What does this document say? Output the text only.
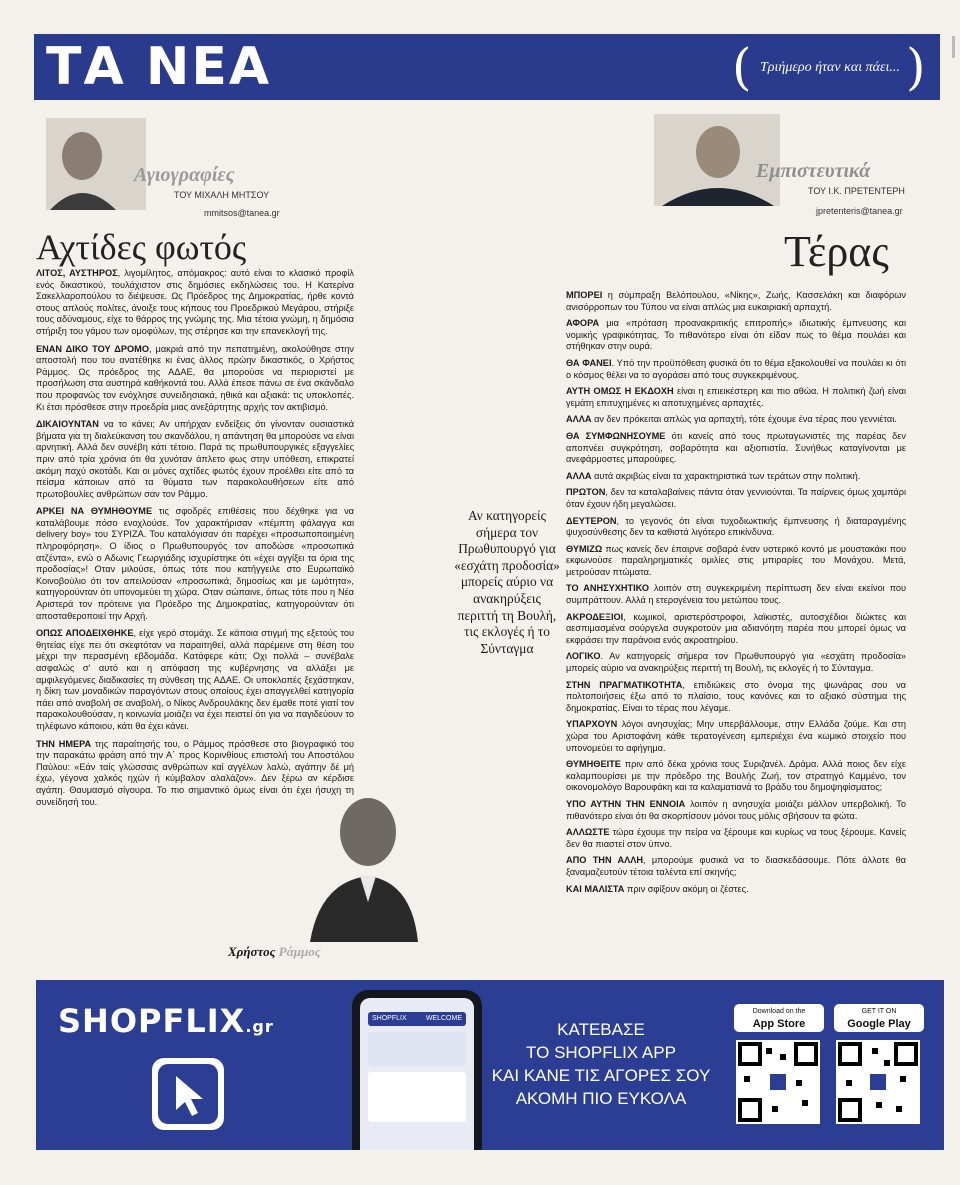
ΤΑ ΝΕΑ	( Τριήμερο ήταν και πάει... )
Αγιογραφίες
ΤΟΥ ΜΙΧΑΛΗ ΜΗΤΣΟΥ
mmitsos@tanea.gr
Αχτίδες φωτός

ΛΙΤΟΣ, ΑΥΣΤΗΡΟΣ, λιγομίλητος, απόμακρος: αυτό είναι το κλασικό προφίλ ενός δικαστικού, τουλάχιστον στις δημόσιες εκδηλώσεις του. Η Κατερίνα Σακελλαροπούλου το διέψευσε. Ως Πρόεδρος της Δημοκρατίας, ήρθε κοντά στους απλούς πολίτες, άνοιξε τους κήπους του Προεδρικού Μεγάρου, στήριξε τους αδύναμους, είχε το θάρρος της γνώμης της. Μια τέτοια γνώμη, η δημόσια στήριξη του γάμου των ομοφύλων, της στέρησε και την επανεκλογή της.

ΕΝΑΝ ΔΙΚΟ ΤΟΥ ΔΡΟΜΟ, μακριά από την πεπατημένη, ακολούθησε στην αποστολή που του ανατέθηκε κι ένας άλλος πρώην δικαστικός, ο Χρήστος Ράμμος. Ως πρόεδρος της ΑΔΑΕ, θα μπορούσε να περιοριστεί με προσήλωση στα αυστηρά καθήκοντά του. Αλλά έπεσε πάνω σε ένα σκάνδαλο που προφανώς τον ενόχλησε συνειδησιακά, ηθικά και αξιακά: τις υποκλοπές. Κι έτσι πρόσθεσε στην προεδρία μιας ανεξάρτητης αρχής τον ακτιβισμό.

ΔΙΚΑΙΟΥΝΤΑΝ να το κάνει; Αν υπήρχαν ενδείξεις ότι γίνονταν ουσιαστικά βήματα για τη διαλεύκανση του σκανδάλου, η απάντηση θα μπορούσε να είναι αρνητική. Αλλά δεν συνέβη κάτι τέτοιο. Παρά τις πρωθυπουργικές εξαγγελίες πριν από τρία χρόνια ότι θα χυνόταν άπλετο φως στην υπόθεση, επικρατεί ακόμη παχύ σκοτάδι. Και οι μόνες αχτίδες φωτός έχουν προέλθει είτε από τα πείσμα κάποιων από τα θύματα των παρακολουθήσεων είτε από πρωτοβουλίες ανθρώπων σαν τον Ράμμο.

ΑΡΚΕΙ ΝΑ ΘΥΜΗΘΟΥΜΕ τις σφοδρές επιθέσεις που δέχθηκε για να καταλάβουμε πόσο ενοχλούσε. Τον χαρακτήρισαν «πέμπτη φάλαγγα και delivery boy» του ΣΥΡΙΖΑ. Του καταλόγισαν ότι παρέχει «προσωποποιημένη πληροφόρηση». Ο ίδιος ο Πρωθυπουργός τον αποδώσε «προσωπικά ατζέντα», ενώ ο Αδωνις Γεωργιάδης ισχυρίστηκε ότι «έχει αγγίξει τα όρια της προδοσίας»! Οταν μιλούσε, όπως τότε που κατήγγειλε στο Ευρωπαϊκό Κοινοβούλιο ότι τον απειλούσαν «προσωπικά, δημοσίως και με ωμότητα», κατηγορούνταν ότι υπονομεύει τη χώρα. Οταν σώπαινε, όπως τότε που η Νέα Αριστερά τον πρότεινε για Πρόεδρο της Δημοκρατίας, κατηγορούνταν ότι αποσταθεροποιεί την Αρχή.

ΟΠΩΣ ΑΠΟΔΕΙΧΘΗΚΕ, είχε γερό στομάχι. Σε κάποια στιγμή της εξετούς του θητείας είχε πει ότι σκεφτόταν να παραιτηθεί, αλλά παρέμεινε στη θέση του μέχρι την περασμένη εβδομάδα. Κατάφερε κάτι; Οχι πολλά – συνέβαλε ασφαλώς σ' αυτό και η απόφαση της κυβέρνησης να αλλάξει με αμφιλεγόμενες διαδικασίες τη σύνθεση της ΑΔΑΕ. Οι υποκλοπές ξεχάστηκαν, η δίκη των μοναδικών παραγόντων στους οποίους έχει απαγγελθεί κατηγορία πάει από αναβολή σε αναβολή, ο Νίκος Ανδρουλάκης δεν έμαθε ποτέ γιατί τον παρακολουθούσαν, η κοινωνία μοιάζει να έχει πειστεί ότι για να παγιδεύουν το τηλέφωνο κάποιου, κάτι θα έχει κάνει.

ΤΗΝ ΗΜΕΡΑ της παραίτησής του, ο Ράμμος πρόσθεσε στο βιογραφικό του την παρακάτω φράση από την Α΄ προς Κορινθίους επιστολή του Αποστόλου Παύλου: «Εάν ταίς γλώσσαις ανθρώπων καί αγγέλων λαλώ, αγάπην δέ μή έχω, γέγονα χαλκός ηχών ή κύμβαλον αλαλάζον». Δεν ξέρω αν κέρδισε αγάπη. Θαυμασμό σίγουρα. Το πιο σημαντικό όμως είναι ότι έχει ήσυχη τη συνείδησή του.

Χρήστος Ράμμος
Αν κατηγορείς σήμερα τον Πρωθυπουργό για «εσχάτη προδοσία» μπορείς αύριο να ανακηρύξεις περιττή τη Βουλή, τις εκλογές ή το Σύνταγμα
Εμπιστευτικά
ΤΟΥ Ι.Κ. ΠΡΕΤΕΝΤΕΡΗ
jpretenteris@tanea.gr
Τέρας

ΜΠΟΡΕΙ η σύμπραξη Βελόπουλου, «Νίκης», Ζωής, Κασσελάκη και διαφόρων ανισόρροπων του Τύπου να είναι απλώς μια ευκαιριακή αρπαχτή.

ΑΦΟΡΑ μια «πρόταση προανακριτικής επιτροπής» ιδιωτικής έμπνευσης και νομικής γραφικότητας. Το πιθανότερο είναι ότι είδαν πως το θέμα πουλάει και στήθηκαν στην ουρά.

ΘΑ ΦΑΝΕΙ. Υπό την προϋπόθεση φυσικά ότι το θέμα εξακολουθεί να πουλάει κι ότι ο κόσμος θέλει να το αγοράσει από τους συγκεκριμένους.

ΑΥΤΗ ΟΜΩΣ Η ΕΚΔΟΧΗ είναι η επιεικέστερη και πιο αθώα. Η πολιτική ζωή είναι γεμάτη επιτυχημένες κι αποτυχημένες αρπαχτές.

ΑΛΛΑ αν δεν πρόκειται απλώς για αρπαχτή, τότε έχουμε ένα τέρας που γεννιέται.

ΘΑ ΣΥΜΦΩΝΗΣΟΥΜΕ ότι κανείς από τους πρωταγωνιστές της παρέας δεν αποπνέει συγκρότηση, σοβαρότητα και αξιοπιστία. Συνήθως καταγίνονται με ανεφάρμοστες μπαρούφες.

ΑΛΛΑ αυτά ακριβώς είναι τα χαρακτηριστικά των τεράτων στην πολιτική.

ΠΡΩΤΟΝ, δεν τα καταλαβαίνεις πάντα όταν γεννιούνται. Τα παίρνεις όμως χαμπάρι όταν έχουν ήδη μεγαλώσει.

ΔΕΥΤΕΡΟΝ, το γεγονός ότι είναι τυχοδιωκτικής έμπνευσης ή διαταραγμένης ψυχοσύνθεσης δεν τα καθιστά λιγότερο επικίνδυνα.

ΘΥΜΙΖΩ πως κανείς δεν έπαιρνε σοβαρά έναν υστερικό κοντό με μουστακάκι που εκφωνούσε παραληρηματικές ομιλίες στις μπιραρίες του Μονάχου. Μετά, μετρούσαν πτώματα.

ΤΟ ΑΝΗΣΥΧΗΤΙΚΟ λοιπόν στη συγκεκριμένη περίπτωση δεν είναι εκείνοι που συμπράττουν. Αλλά η ετερογένεια του μετώπου τους.

ΑΚΡΟΔΕΞΙΟΙ, κωμικοί, αριστερόστροφοι, λαϊκιστές, αυτοσχέδιοι διώκτες και αεσπιμασμένα σούργελα συγκροτούν μια αδιανόητη παρέα που μπορεί όμως να εκφράσει την παράνοια ενός ακροατηρίου.

ΛΟΓΙΚΟ. Αν κατηγορείς σήμερα τον Πρωθυπουργό για «εσχάτη προδοσία» μπορείς αύριο να ανακηρύξεις περιττή τη Βουλή, τις εκλογές ή το Σύνταγμα.

ΣΤΗΝ ΠΡΑΓΜΑΤΙΚΟΤΗΤΑ, επιδιώκεις στο όνομα της ψωνάρας σου να πολτοποιήσεις έξω από το πλαίσιο, τους κανόνες και το αξιακό σύστημα της δημοκρατίας. Είναι το τέρας που λέγαμε.

ΥΠΑΡΧΟΥΝ λόγοι ανησυχίας; Μην υπερβάλλουμε, στην Ελλάδα ζούμε. Και στη χώρα του Αριστοφάνη κάθε τερατογένεση εμπεριέχει ένα κωμικό στοιχείο που υπονομεύει το αφήγημα.

ΘΥΜΗΘΕΙΤΕ πριν από δέκα χρόνια τους Συριζανέλ. Δράμα. Αλλά ποιος δεν είχε καλαμπουρίσει με την πρόεδρο της Βουλής Ζωή, τον στρατηγό Καμμένο, τον οικονομολόγο Βαρουφάκη και τα καλαματιανά το βράδυ του δημοψηφίσματος;

ΥΠΟ ΑΥΤΗΝ ΤΗΝ ΕΝΝΟΙΑ λοιπόν η ανησυχία μοιάζει μάλλον υπερβολική. Το πιθανότερο είναι ότι θα σκορπίσουν μόνοι τους μόλις σβήσουν τα φώτα.

ΑΛΛΩΣΤΕ τώρα έχουμε την πείρα να ξέρουμε και κυρίως να τους ξέρουμε. Κανείς δεν θα πιαστεί στον ύπνο.

ΑΠΟ ΤΗΝ ΑΛΛΗ, μπορούμε φυσικά να το διασκεδάσουμε. Πότε άλλοτε θα ξαναμαζευτούν τέτοια ταλέντα επί σκηνής;

ΚΑΙ ΜΑΛΙΣΤΑ πριν σφίξουν ακόμη οι ζέστες.

SHOPFLIX.gr	SHOPFLIX	WELCOME
ΚΑΤΕΒΑΣΕ
ΤΟ SHOPFLIX APP
ΚΑΙ ΚΑΝΕ ΤΙΣ ΑΓΟΡΕΣ ΣΟΥ
ΑΚΟΜΗ ΠΙΟ ΕΥΚΟΛΑ
Download on the
App Store
GET IT ON
Google Play
